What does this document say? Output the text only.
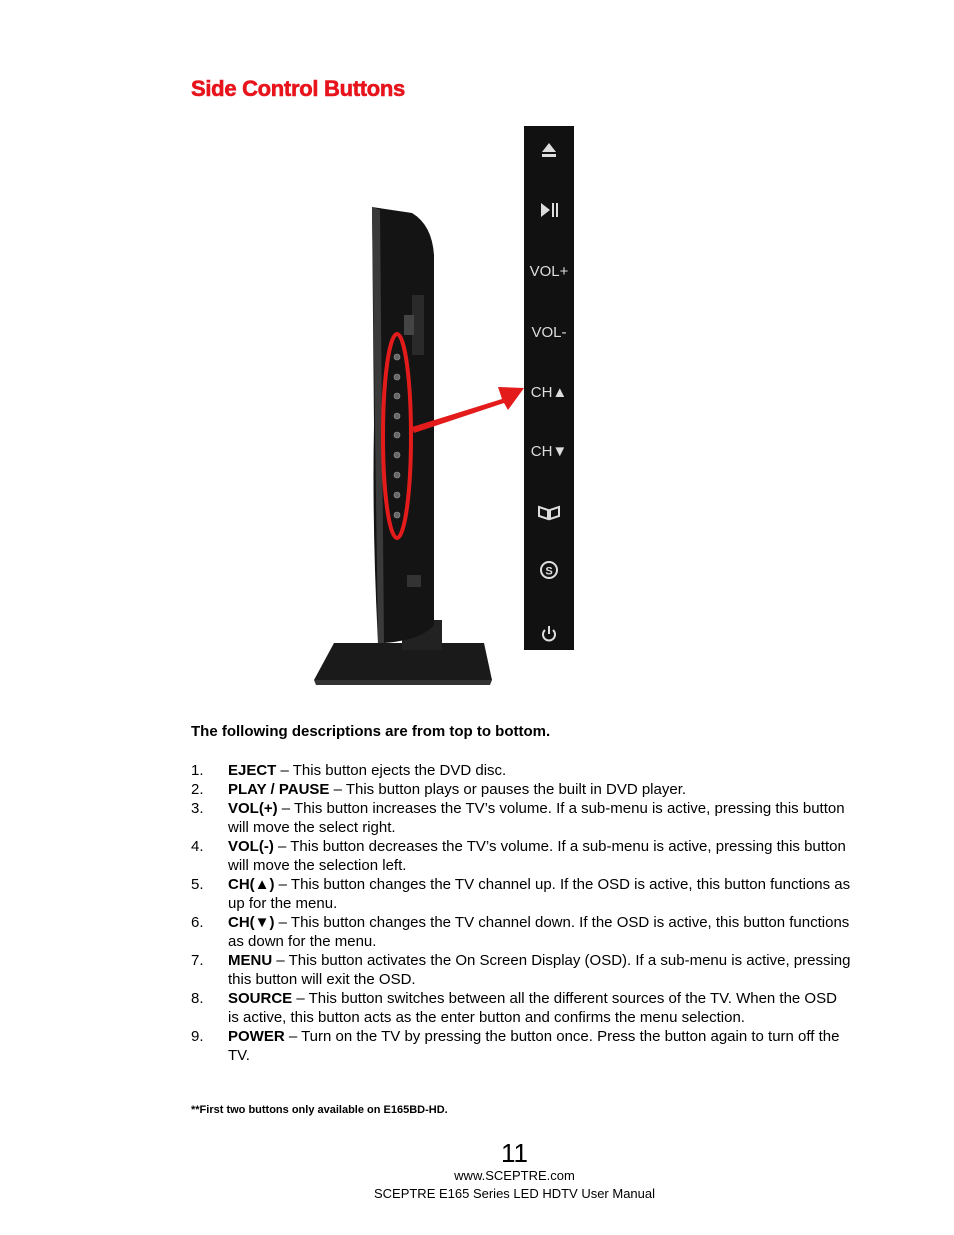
Side Control Buttons
VOL+
VOL-
CH▲
CH▼
S
The following descriptions are from top to bottom.
1.	EJECT – This button ejects the DVD disc.
2.	PLAY / PAUSE – This button plays or pauses the built in DVD player.
3.	VOL(+) – This button increases the TV’s volume. If a sub-menu is active, pressing this button will move the select right.
4.	VOL(-) – This button decreases the TV’s volume. If a sub-menu is active, pressing this button will move the selection left.
5.	CH(▲) – This button changes the TV channel up. If the OSD is active, this button functions as up for the menu.
6.	CH(▼) – This button changes the TV channel down. If the OSD is active, this button functions as down for the menu.
7.	MENU – This button activates the On Screen Display (OSD). If a sub-menu is active, pressing this button will exit the OSD.
8.	SOURCE – This button switches between all the different sources of the TV. When the OSD is active, this button acts as the enter button and confirms the menu selection.
9.	POWER – Turn on the TV by pressing the button once. Press the button again to turn off the TV.
**First two buttons only available on E165BD-HD.
11
www.SCEPTRE.com
SCEPTRE E165 Series LED HDTV User Manual
